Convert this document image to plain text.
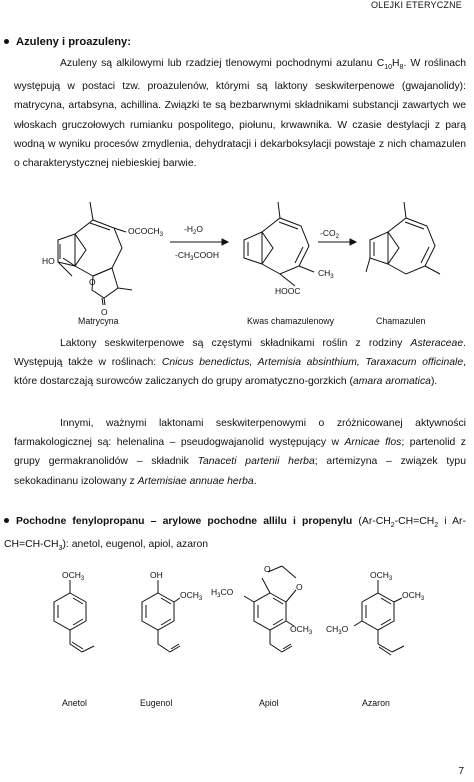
OLEJKI ETERYCZNE
Azuleny i proazuleny:
Azuleny są alkilowymi lub rzadziej tlenowymi pochodnymi azulanu $C_{10}H_8$. W roślinach występują w postaci tzw. proazulenów, którymi są laktony seskwiterpenowe (gwajanolidy): matrycyna, artabsyna, achillina. Związki te są bezbarwnymi składnikami substancji zawartych we włoskach gruczołowych rumianku pospolitego, piołunu, krwawnika. W czasie destylacji z parą wodną w wyniku procesów zmydlenia, dehydratacji i dekarboksylacji powstaje z nich chamazulen o charakterystycznej niebieskiej barwie.
$OCOCH_3$
HO
O
O
$-H_2O$
$-CH_3COOH$
$-CO_2$
$CH_3$
HOOC
Matrycyna	Kwas chamazulenowy	Chamazulen
Laktony seskwiterpenowe są częstymi składnikami roślin z rodziny Asteraceae. Występują także w roślinach: Cnicus benedictus, Artemisia absinthium, Taraxacum officinale, które dostarczają surowców zaliczanych do grupy aromatyczno-gorzkich (amara aromatica).
Innymi, ważnymi laktonami seskwiterpenowymi o zróżnicowanej aktywności farmakologicznej są: helenalina – pseudogwajanolid występujący w Arnicae flos; partenolid z grupy germakranolidów – składnik Tanaceti partenii herba; artemizyna – związek typu sekokadinanu izolowany z Artemisiae annuae herba.
Pochodne fenylopropanu – arylowe pochodne allilu i propenylu ($Ar-CH_2-CH=CH_2$ i $Ar-CH=CH-CH_3$): anetol, eugenol, apiol, azaron
$OCH_3$	OH
$OCH_3$
O
O
$H_3CO$
$OCH_3$
$OCH_3$
$OCH_3$
$CH_3O$
Anetol	Eugenol	Apiol	Azaron
7
